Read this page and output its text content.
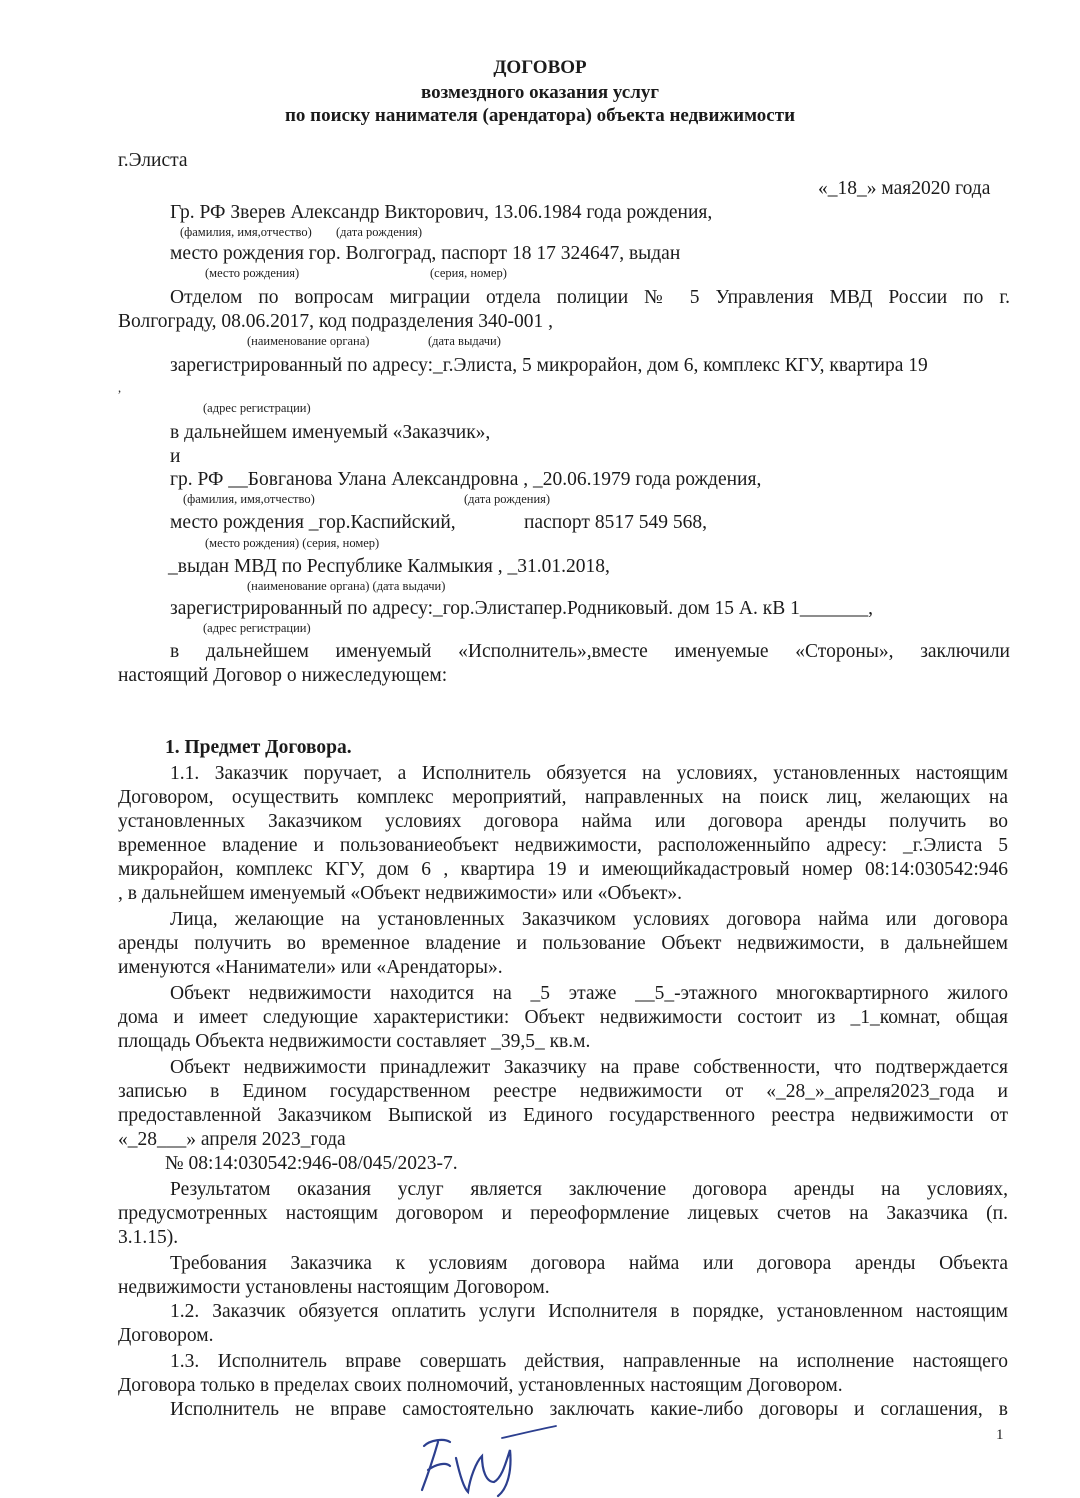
ДОГОВОР
возмездного оказания услуг
по поиску нанимателя (арендатора) объекта недвижимости
г.Элиста
«_18_» мая2020 года
Гр. РФ Зверев Александр Викторович, 13.06.1984 года рождения,
(фамилия, имя,отчество) (дата рождения)
место рождения гор. Волгоград, паспорт 18 17 324647, выдан
(место рождения)	(серия, номер)
Отделом по вопросам миграции отдела полиции № 5 Управления МВД России по г.
Волгограду, 08.06.2017, код подразделения 340-001 ,
(наименование органа)	(дата выдачи)
зарегистрированный по адресу:_г.Элиста, 5 микрорайон, дом 6, комплекс КГУ, квартира 19
,
(адрес регистрации)
в дальнейшем именуемый «Заказчик»,
и
гр. РФ __Бовганова Улана Александровна , _20.06.1979 года рождения,
(фамилия, имя,отчество)	(дата рождения)
место рождения _гор.Каспийский,	паспорт 8517 549 568,
(место рождения) (серия, номер)
_выдан МВД по Республике Калмыкия , _31.01.2018,
(наименование органа) (дата выдачи)
зарегистрированный по адресу:_гор.Элистапер.Родниковый. дом 15 А. кВ 1_______,
(адрес регистрации)
в дальнейшем именуемый «Исполнитель»,вместе именуемые «Стороны», заключили
настоящий Договор о нижеследующем:
1. Предмет Договора.
1.1. Заказчик поручает, а Исполнитель обязуется на условиях, установленных настоящим
Договором, осуществить комплекс мероприятий, направленных на поиск лиц, желающих на
установленных Заказчиком условиях договора найма или договора аренды получить во
временное владение и пользованиеобъект недвижимости, расположенныйпо адресу: _г.Элиста 5
микрорайон, комплекс КГУ, дом 6 , квартира 19 и имеющийкадастровый номер 08:14:030542:946
, в дальнейшем именуемый «Объект недвижимости» или «Объект».
Лица, желающие на установленных Заказчиком условиях договора найма или договора
аренды получить во временное владение и пользование Объект недвижимости, в дальнейшем
именуются «Наниматели» или «Арендаторы».
Объект недвижимости находится на _5 этаже __5_-этажного многоквартирного жилого
дома и имеет следующие характеристики: Объект недвижимости состоит из _1_комнат, общая
площадь Объекта недвижимости составляет _39,5_ кв.м.
Объект недвижимости принадлежит Заказчику на праве собственности, что подтверждается
записью в Едином государственном реестре недвижимости от «_28_»_апреля2023_года и
предоставленной Заказчиком Выпиской из Единого государственного реестра недвижимости от
«_28___» апреля 2023_года
№ 08:14:030542:946-08/045/2023-7.
Результатом оказания услуг является заключение договора аренды на условиях,
предусмотренных настоящим договором и переоформление лицевых счетов на Заказчика (п.
3.1.15).
Требования Заказчика к условиям договора найма или договора аренды Объекта
недвижимости установлены настоящим Договором.
1.2. Заказчик обязуется оплатить услуги Исполнителя в порядке, установленном настоящим
Договором.
1.3. Исполнитель вправе совершать действия, направленные на исполнение настоящего
Договора только в пределах своих полномочий, установленных настоящим Договором.
Исполнитель не вправе самостоятельно заключать какие-либо договоры и соглашения, в
1
